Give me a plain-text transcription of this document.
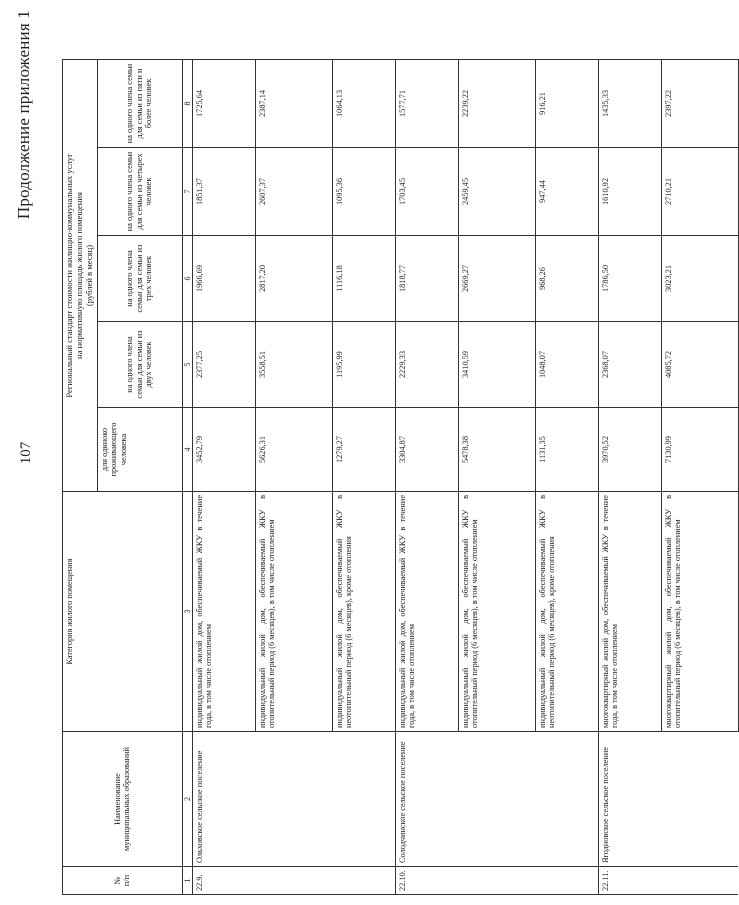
107
Продолжение приложения 1
№
п/п	Наименование
муниципальных образований	Категория жилого помещения	Региональный стандарт стоимости жилищно-коммунальных услуг
на нормативную площадь жилого помещения
(рублей в месяц)				
			для одиноко проживающего человека	на одного члена семьи для семьи из двух человек	на одного члена семьи для семьи из трех человек	на одного члена семьи для семьи из четырех человек	на одного члена семьи для семьи из пяти и более человек
1	2	3	4	5	6	7	8
22.9.	Ольховское сельское поселение	индивидуальный жилой дом, обеспечиваемый ЖКУ в течение года, в том числе отоплением	3452,79	2377,25	1966,69	1851,37	1725,64
		индивидуальный жилой дом, обеспечиваемый ЖКУ в отопительный период (6 месяцев), в том числе отоплением	5626,31	3558,51	2817,20	2607,37	2387,14
		индивидуальный жилой дом, обеспечиваемый ЖКУ в неотопительный период (6 месяцев), кроме отопления	1279,27	1195,99	1116,18	1095,36	1064,13
22.10.	Солодчинское сельское поселение	индивидуальный жилой дом, обеспечиваемый ЖКУ в течение года, в том числе отоплением	3304,87	2229,33	1818,77	1703,45	1577,71
		индивидуальный жилой дом, обеспечиваемый ЖКУ в отопительный период (6 месяцев), в том числе отоплением	5478,38	3410,59	2669,27	2459,45	2239,22
		индивидуальный жилой дом, обеспечиваемый ЖКУ в неотопительный период (6 месяцев), кроме отопления	1131,35	1048,07	968,26	947,44	916,21
22.11.	Ягодновское сельское поселение	многоквартирный жилой дом, обеспечиваемый ЖКУ в течение года, в том числе отоплением	3970,52	2368,07	1786,50	1610,92	1435,33
		многоквартирный жилой дом, обеспечиваемый ЖКУ в отопительный период (6 месяцев), в том числе отоплением	7130,99	4085,72	3023,21	2710,21	2397,22
